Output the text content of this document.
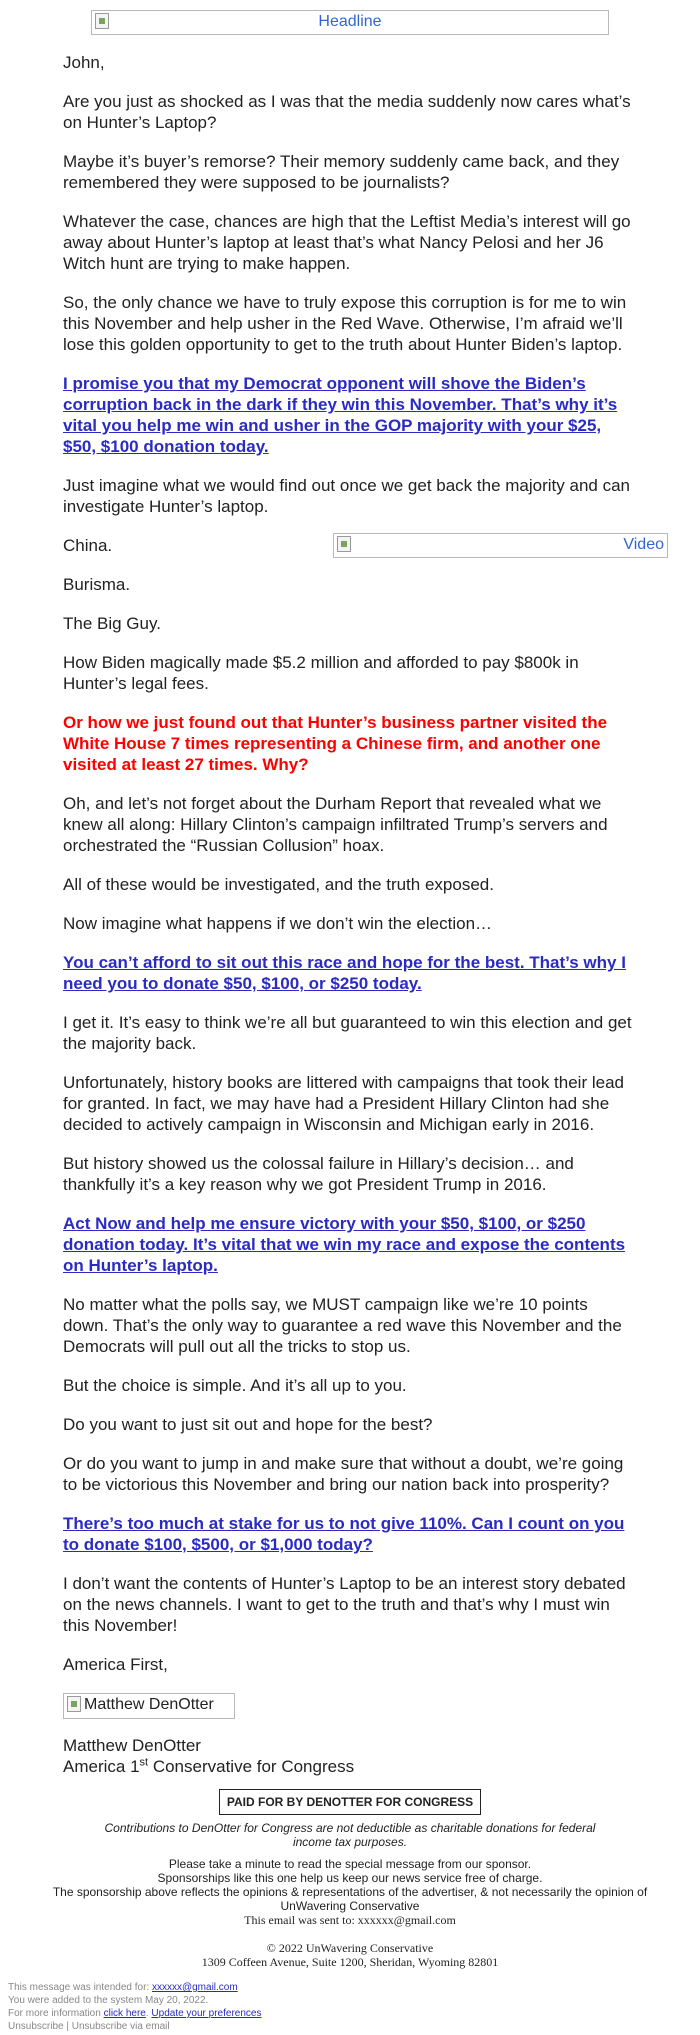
Headline

John,

Are you just as shocked as I was that the media suddenly now cares what’s on Hunter’s Laptop?

Maybe it’s buyer’s remorse? Their memory suddenly came back, and they remembered they were supposed to be journalists?

Whatever the case, chances are high that the Leftist Media’s interest will go away about Hunter’s laptop at least that’s what Nancy Pelosi and her J6 Witch hunt are trying to make happen.

So, the only chance we have to truly expose this corruption is for me to win this November and help usher in the Red Wave. Otherwise, I’m afraid we’ll lose this golden opportunity to get to the truth about Hunter Biden’s laptop.

I promise you that my Democrat opponent will shove the Biden’s corruption back in the dark if they win this November. That’s why it’s vital you help me win and usher in the GOP majority with your $25, $50, $100 donation today.

Just imagine what we would find out once we get back the majority and can investigate Hunter’s laptop.

China.	Video

Burisma.

The Big Guy.

How Biden magically made $5.2 million and afforded to pay $800k in Hunter’s legal fees.

Or how we just found out that Hunter’s business partner visited the White House 7 times representing a Chinese firm, and another one visited at least 27 times. Why?

Oh, and let’s not forget about the Durham Report that revealed what we knew all along: Hillary Clinton’s campaign infiltrated Trump’s servers and orchestrated the “Russian Collusion” hoax.

All of these would be investigated, and the truth exposed.

Now imagine what happens if we don’t win the election…

You can’t afford to sit out this race and hope for the best. That’s why I need you to donate $50, $100, or $250 today.

I get it. It’s easy to think we’re all but guaranteed to win this election and get the majority back.

Unfortunately, history books are littered with campaigns that took their lead for granted. In fact, we may have had a President Hillary Clinton had she decided to actively campaign in Wisconsin and Michigan early in 2016.

But history showed us the colossal failure in Hillary’s decision… and thankfully it’s a key reason why we got President Trump in 2016.

Act Now and help me ensure victory with your $50, $100, or $250 donation today. It’s vital that we win my race and expose the contents on Hunter’s laptop.

No matter what the polls say, we MUST campaign like we’re 10 points down. That’s the only way to guarantee a red wave this November and the Democrats will pull out all the tricks to stop us.

But the choice is simple. And it’s all up to you.

Do you want to just sit out and hope for the best?

Or do you want to jump in and make sure that without a doubt, we’re going to be victorious this November and bring our nation back into prosperity?

There’s too much at stake for us to not give 110%. Can I count on you to donate $100, $500, or $1,000 today?

I don’t want the contents of Hunter’s Laptop to be an interest story debated on the news channels. I want to get to the truth and that’s why I must win this November!

America First,

Matthew DenOtter

Matthew DenOtter

America 1st Conservative for Congress

PAID FOR BY DENOTTER FOR CONGRESS

Contributions to DenOtter for Congress are not deductible as charitable donations for federal income tax purposes.

Please take a minute to read the special message from our sponsor.

Sponsorships like this one help us keep our news service free of charge.

The sponsorship above reflects the opinions & representations of the advertiser, & not necessarily the opinion of UnWavering Conservative

This email was sent to: xxxxxx@gmail.com

© 2022 UnWavering Conservative

1309 Coffeen Avenue, Suite 1200, Sheridan, Wyoming 82801

This message was intended for: xxxxxx@gmail.com
You were added to the system May 20, 2022.
For more information click here. Update your preferences
Unsubscribe | Unsubscribe via email
